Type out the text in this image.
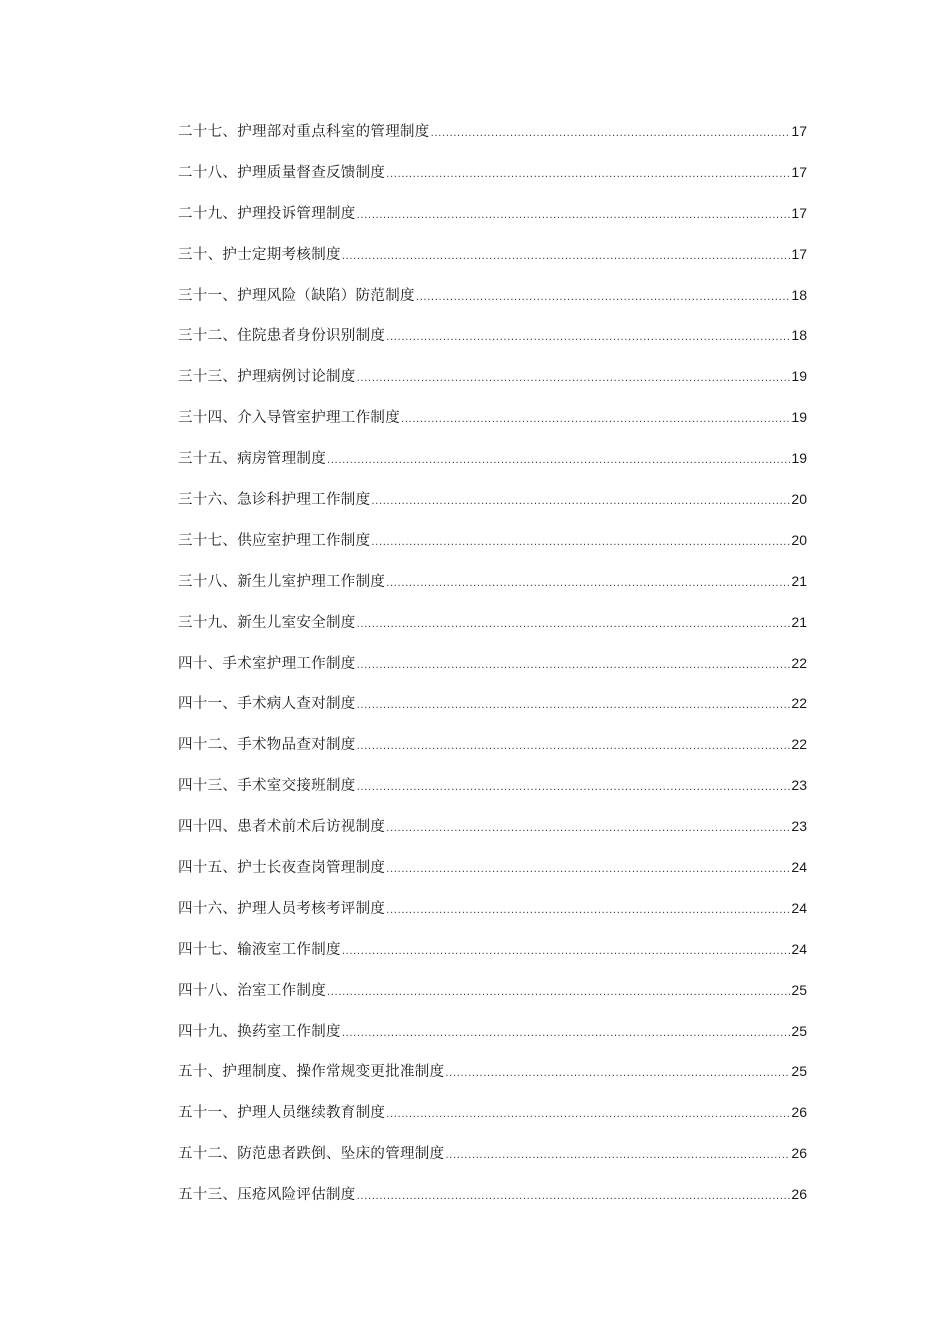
二十七、护理部对重点科室的管理制度 .....	17
二十八、护理质量督查反馈制度 .....	17
二十九、护理投诉管理制度 .....	17
三十、护士定期考核制度 .....	17
三十一、护理风险（缺陷）防范制度 .....	18
三十二、住院患者身份识别制度 .....	18
三十三、护理病例讨论制度 .....	19
三十四、介入导管室护理工作制度 .....	19
三十五、病房管理制度 .....	19
三十六、急诊科护理工作制度 .....	20
三十七、供应室护理工作制度 .....	20
三十八、新生儿室护理工作制度 .....	21
三十九、新生儿室安全制度 .....	21
四十、手术室护理工作制度 .....	22
四十一、手术病人查对制度 .....	22
四十二、手术物品查对制度 .....	22
四十三、手术室交接班制度 .....	23
四十四、患者术前术后访视制度 .....	23
四十五、护士长夜查岗管理制度 .....	24
四十六、护理人员考核考评制度 .....	24
四十七、输液室工作制度 .....	24
四十八、治室工作制度 .....	25
四十九、换药室工作制度 .....	25
五十、护理制度、操作常规变更批准制度 .....	25
五十一、护理人员继续教育制度 .....	26
五十二、防范患者跌倒、坠床的管理制度 .....	26
五十三、压疮风险评估制度 .....	26
